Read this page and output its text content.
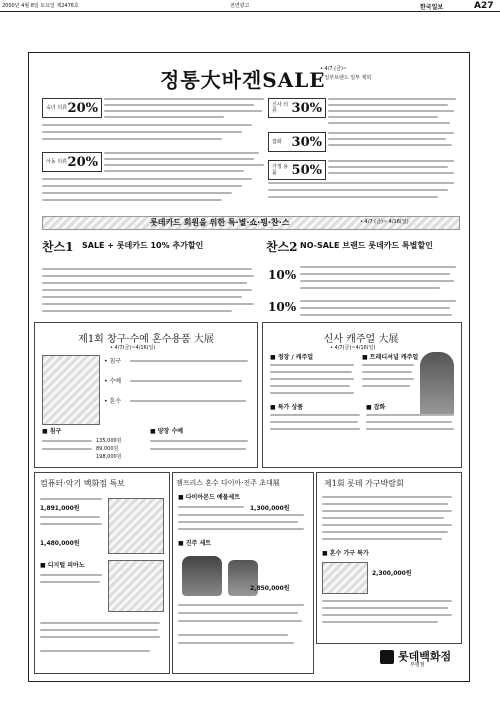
2000년 4월 8일 토요일 제2476호	전면광고	한국일보	A27
정통大바겐SALE
• 4/7 (금)~
• 일부브랜드 일부 제외
숙녀 의류 20%
아동 의류 20%
신사 의류	30%
잡화 30%
가정 용품	50%
롯데카드 회원을 위한 특·별·쇼·핑·찬·스	• 4/7 (금)~ 4/16(일)
찬스1 SALE + 롯데카드 10% 추가할인	찬스2 NO-SALE 브랜드 롯데카드 특별할인
10%
10%
제1회 창구·수예 혼수용품 大展
• 4/7(금)~4/16(일)
• 침구
• 수예
• 혼수
■ 침구	■ 양장 수예
135,000원
89,000원
198,000원
신사 캐주얼 大展
• 4/7(금)~4/16(일)
■ 정장 / 캐주얼	■ 트래디셔널 캐주얼
■ 특가 상품	■ 잡화
컴퓨터·악기 백화점 특보
1,891,000원
1,480,000원
■ 디지털 피아노
젬프리스 혼수 다이아·진주 초대展
■ 다이아몬드 예물세트
1,300,000원
■ 진주 세트
2,850,000원
제1회 롯데 가구박람회
■ 혼수 가구 특가
2,300,000원
롯데백화점
부평점
